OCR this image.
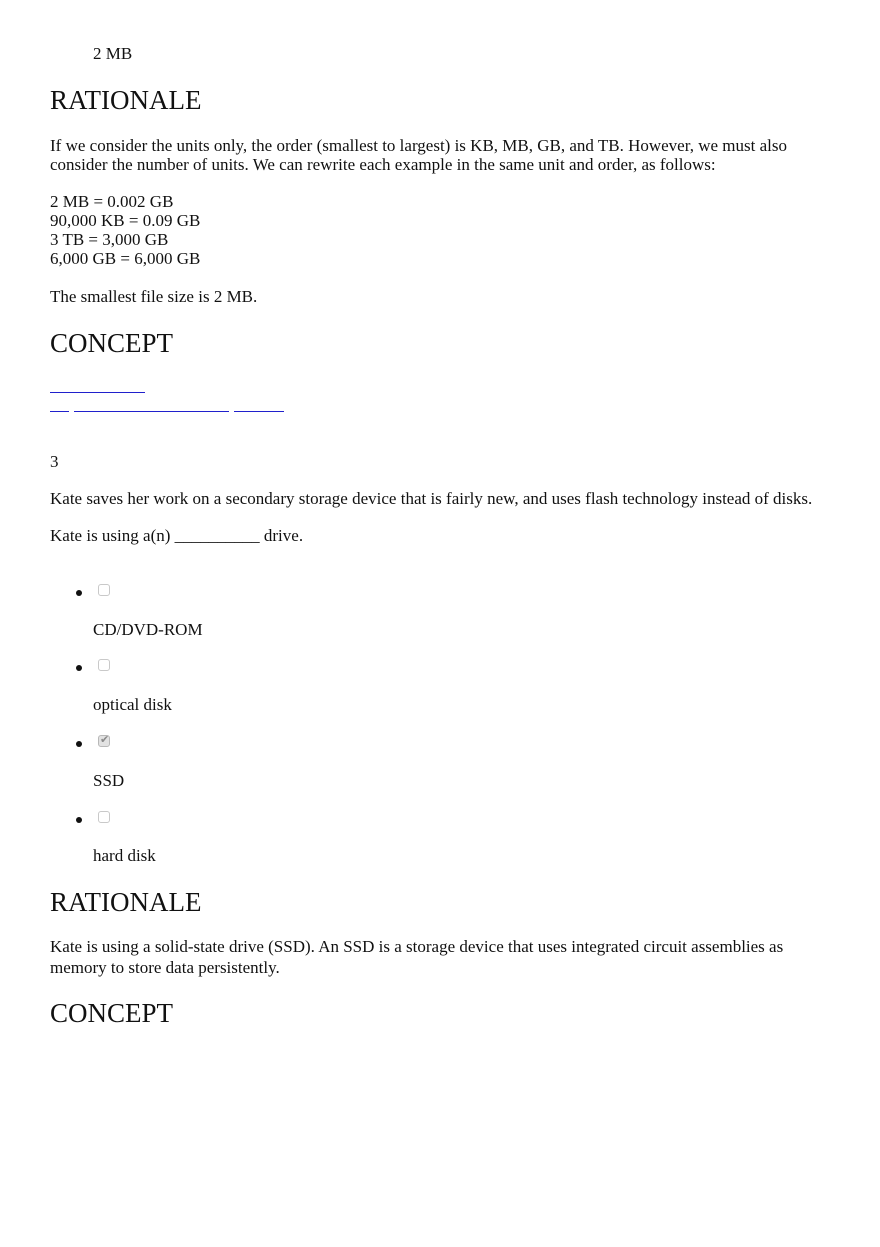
2 MB
RATIONALE
If we consider the units only, the order (smallest to largest) is KB, MB, GB, and TB. However, we must also
consider the number of units. We can rewrite each example in the same unit and order, as follows:
2 MB = 0.002 GB
90,000 KB = 0.09 GB
3 TB = 3,000 GB
6,000 GB = 6,000 GB
The smallest file size is 2 MB.
CONCEPT
3
Kate saves her work on a secondary storage device that is fairly new, and uses flash technology instead of disks.
Kate is using a(n) __________ drive.
CD/DVD-ROM
optical disk
✔
SSD
hard disk
RATIONALE
Kate is using a solid-state drive (SSD). An SSD is a storage device that uses integrated circuit assemblies as
memory to store data persistently.
CONCEPT
